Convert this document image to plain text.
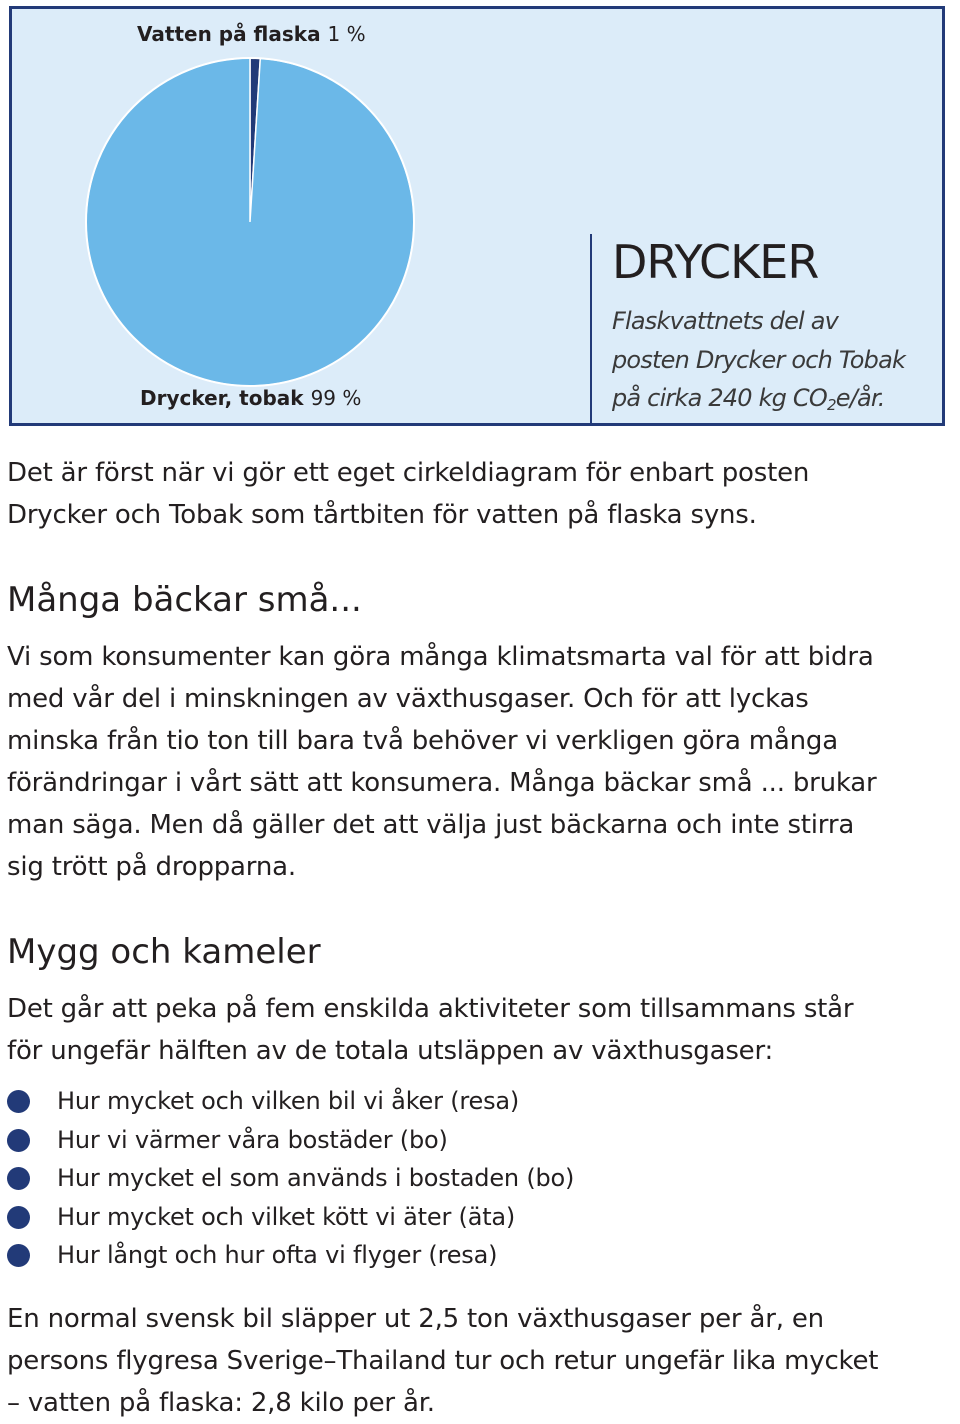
Vatten på flaska 1 %
Drycker, tobak 99 %
DRYCKER
Flaskvattnets del av
posten Drycker och Tobak
på cirka 240 kg $CO_2e/år$.

Det är först när vi gör ett eget cirkeldiagram för enbart posten
Drycker och Tobak som tårtbiten för vatten på flaska syns.

Många bäckar små...

Vi som konsumenter kan göra många klimatsmarta val för att bidra
med vår del i minskningen av växthusgaser. Och för att lyckas
minska från tio ton till bara två behöver vi verkligen göra många
förändringar i vårt sätt att konsumera. Många bäckar små ... brukar
man säga. Men då gäller det att välja just bäckarna och inte stirra
sig trött på dropparna.

Mygg och kameler

Det går att peka på fem enskilda aktiviteter som tillsammans står
för ungefär hälften av de totala utsläppen av växthusgaser:

Hur mycket och vilken bil vi åker (resa)
Hur vi värmer våra bostäder (bo)
Hur mycket el som används i bostaden (bo)
Hur mycket och vilket kött vi äter (äta)
Hur långt och hur ofta vi flyger (resa)

En normal svensk bil släpper ut 2,5 ton växthusgaser per år, en
persons flygresa Sverige–Thailand tur och retur ungefär lika mycket
– vatten på flaska: 2,8 kilo per år.
